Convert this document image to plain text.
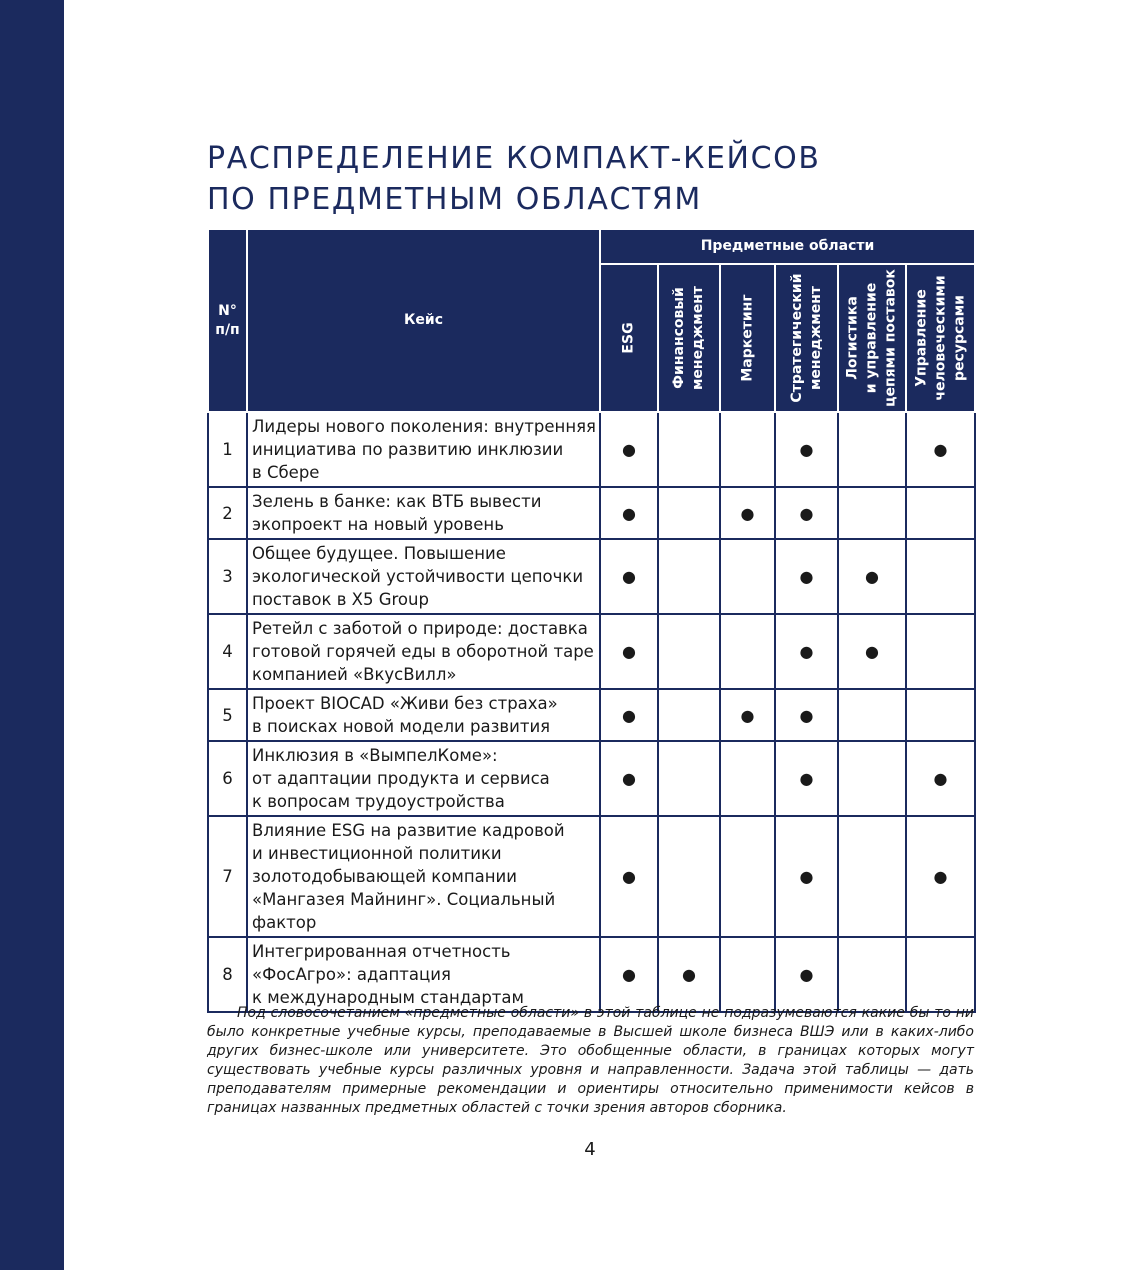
РАСПРЕДЕЛЕНИЕ КОМПАКТ-КЕЙСОВ
ПО ПРЕДМЕТНЫМ ОБЛАСТЯМ
N°
п/п	Кейс	Предметные области					

		ESG	Финансовый менеджмент	Маркетинг	Стратегический менеджмент	Логистика и управление цепями поставок	Управление человеческими ресурсами

1	Лидеры нового поколения: внутренняя
инициатива по развитию инклюзии
в Сбере	●			●		●
2	Зелень в банке: как ВТБ вывести
экопроект на новый уровень	●		●	●		
3	Общее будущее. Повышение
экологической устойчивости цепочки
поставок в X5 Group	●			●	●	
4	Ретейл с заботой о природе: доставка
готовой горячей еды в оборотной таре
компанией «ВкусВилл»	●			●	●	
5	Проект BIOCAD «Живи без страха»
в поисках новой модели развития	●		●	●		
6	Инклюзия в «ВымпелКоме»:
от адаптации продукта и сервиса
к вопросам трудоустройства	●			●		●
7	Влияние ESG на развитие кадровой
и инвестиционной политики
золотодобывающей компании
«Мангазея Майнинг». Социальный
фактор	●			●		●
8	Интегрированная отчетность
«ФосАгро»: адаптация
к международным стандартам	●	●		●		

Под словосочетанием «предметные области» в этой таблице не подразумеваются какие бы то ни было конкретные учебные курсы, преподаваемые в Высшей школе бизнеса ВШЭ или в каких-либо других бизнес-школе или университете. Это обобщенные области, в границах которых могут существовать учебные курсы различных уровня и направленности. Задача этой таблицы — дать преподавателям примерные рекомендации и ориентиры относительно применимости кейсов в границах названных предметных областей с точки зрения авторов сборника.

4
